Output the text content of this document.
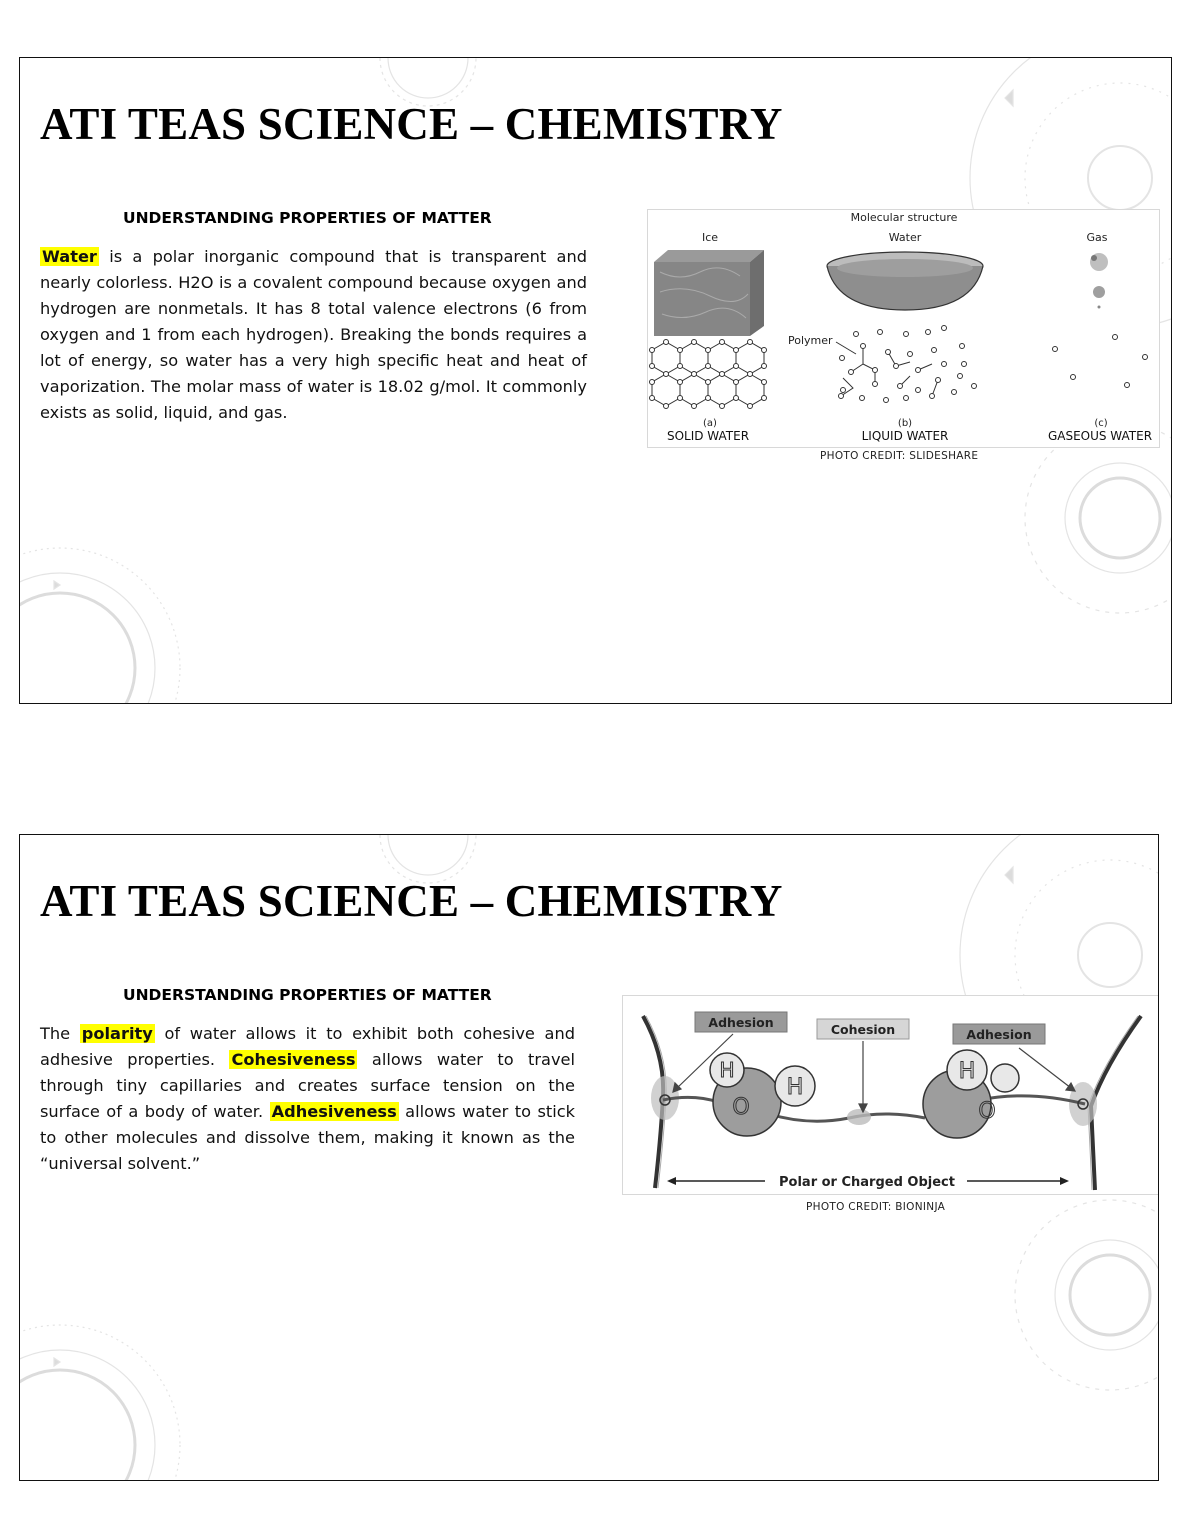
ATI TEAS SCIENCE – CHEMISTRY
UNDERSTANDING PROPERTIES OF MATTER

Water is a polar inorganic compound that is transparent and nearly colorless. H2O is a covalent compound because oxygen and hydrogen are nonmetals. It has 8 total valence electrons (6 from oxygen and 1 from each hydrogen). Breaking the bonds requires a lot of energy, so water has a very high specific heat and heat of vaporization. The molar mass of water is 18.02 g/mol. It commonly exists as solid, liquid, and gas.

Molecular structure
Ice	Water	Gas
Polymer
(a)	(b)	(c)
SOLID WATER	LIQUID WATER	GASEOUS WATER
PHOTO CREDIT: SLIDESHARE
ATI TEAS SCIENCE – CHEMISTRY
UNDERSTANDING PROPERTIES OF MATTER

The polarity of water allows it to exhibit both cohesive and adhesive properties. Cohesiveness allows water to travel through tiny capillaries and creates surface tension on the surface of a body of water. Adhesiveness allows water to stick to other molecules and dissolve them, making it known as the “universal solvent.”

H
H
O
H
O
Adhesion	Cohesion	Adhesion
Polar or Charged Object
PHOTO CREDIT: BIONINJA
